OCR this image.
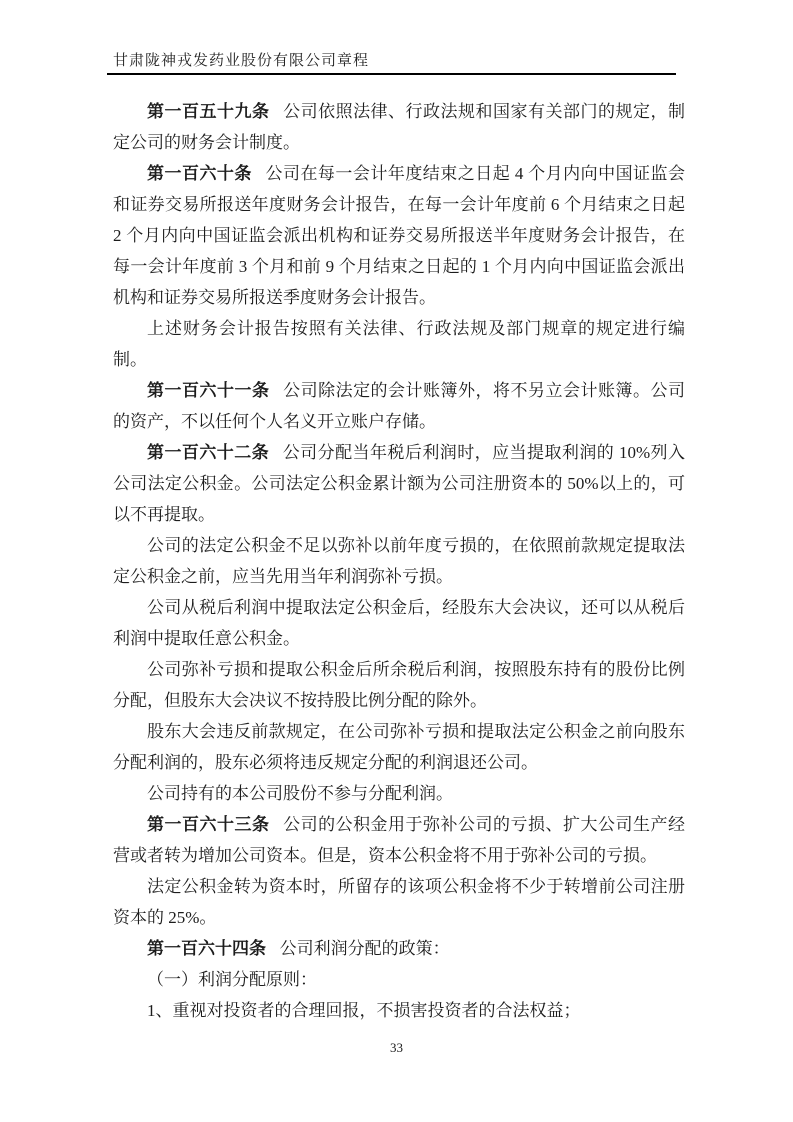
甘肃陇神戎发药业股份有限公司章程

第一百五十九条 公司依照法律、行政法规和国家有关部门的规定，制定公司的财务会计制度。

第一百六十条 公司在每一会计年度结束之日起 4 个月内向中国证监会和证券交易所报送年度财务会计报告，在每一会计年度前 6 个月结束之日起 2 个月内向中国证监会派出机构和证券交易所报送半年度财务会计报告，在每一会计年度前 3 个月和前 9 个月结束之日起的 1 个月内向中国证监会派出机构和证券交易所报送季度财务会计报告。

上述财务会计报告按照有关法律、行政法规及部门规章的规定进行编制。

第一百六十一条 公司除法定的会计账簿外，将不另立会计账簿。公司的资产，不以任何个人名义开立账户存储。

第一百六十二条 公司分配当年税后利润时，应当提取利润的 10%列入公司法定公积金。公司法定公积金累计额为公司注册资本的 50%以上的，可以不再提取。

公司的法定公积金不足以弥补以前年度亏损的，在依照前款规定提取法定公积金之前，应当先用当年利润弥补亏损。

公司从税后利润中提取法定公积金后，经股东大会决议，还可以从税后利润中提取任意公积金。

公司弥补亏损和提取公积金后所余税后利润，按照股东持有的股份比例分配，但股东大会决议不按持股比例分配的除外。

股东大会违反前款规定，在公司弥补亏损和提取法定公积金之前向股东分配利润的，股东必须将违反规定分配的利润退还公司。

公司持有的本公司股份不参与分配利润。

第一百六十三条 公司的公积金用于弥补公司的亏损、扩大公司生产经营或者转为增加公司资本。但是，资本公积金将不用于弥补公司的亏损。

法定公积金转为资本时，所留存的该项公积金将不少于转增前公司注册资本的 25%。

第一百六十四条 公司利润分配的政策：

（一）利润分配原则：

1、重视对投资者的合理回报，不损害投资者的合法权益；

33
